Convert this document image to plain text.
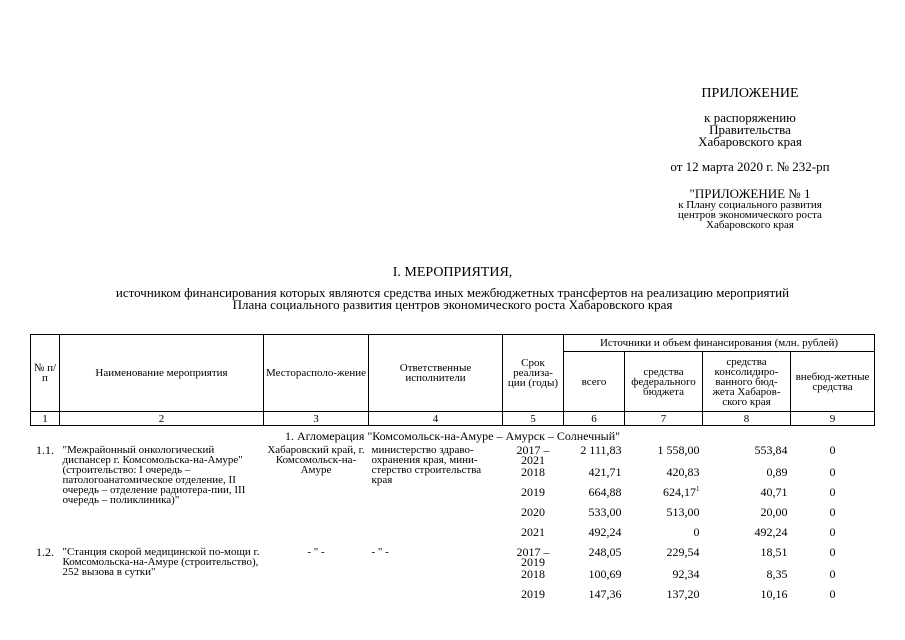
ПРИЛОЖЕНИЕ
к распоряжению
Правительства
Хабаровского края
от 12 марта 2020 г. № 232-рп
"ПРИЛОЖЕНИЕ № 1
к Плану социального развития
центров экономического роста
Хабаровского края
I. МЕРОПРИЯТИЯ,
источником финансирования которых являются средства иных межбюджетных трансфертов на реализацию мероприятий
Плана социального развития центров экономического роста Хабаровского края
№ п/п	Наименование мероприятия	Месторасполо-жение	Ответственные исполнители	Срок реализа-ции (годы)	Источники и объем финансирования (млн. рублей)			
					всего	средства федерального бюджета	средства консолидиро-ванного бюд-жета Хабаров-ского края	внебюд-жетные средства
1	2	3	4	5	6	7	8	9
1. Агломерация "Комсомольск-на-Амуре – Амурск – Солнечный"								
1.1.	"Межрайонный онкологический диспансер г. Комсомольска-на-Амуре" (строительство: I очередь – патологоанатомическое отделение, II очередь – отделение радиотера-пии, III очередь – поликлиника)"	Хабаровский край, г. Комсомольск-на-Амуре	министерство здраво-охранения края, мини-стерство строительства края	2017 – 2021	2 111,83	1 558,00	553,84	0
				2018	421,71	420,83	0,89	0
				2019	664,88	624,17$^1$	40,71	0
				2020	533,00	513,00	20,00	0
				2021	492,24	0	492,24	0
1.2.	"Станция скорой медицинской по-мощи г. Комсомольска-на-Амуре (строительство), 252 вызова в сутки"	- " -	- " -	2017 – 2019	248,05	229,54	18,51	0
				2018	100,69	92,34	8,35	0
				2019	147,36	137,20	10,16	0
